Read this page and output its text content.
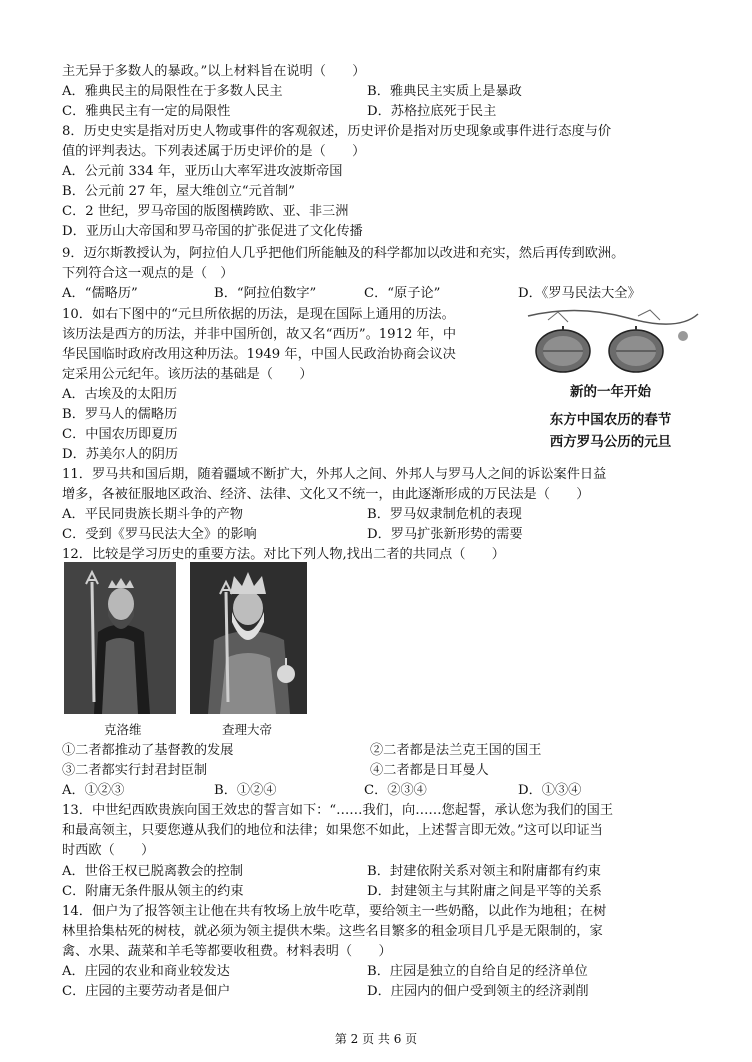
主无异于多数人的暴政。”以上材料旨在说明（　　）
A．雅典民主的局限性在于多数人民主	B．雅典民主实质上是暴政
C．雅典民主有一定的局限性	D．苏格拉底死于民主
8．历史史实是指对历史人物或事件的客观叙述，历史评价是指对历史现象或事件进行态度与价
值的评判表达。下列表述属于历史评价的是（　　）
A．公元前 334 年，亚历山大率军进攻波斯帝国
B．公元前 27 年，屋大维创立“元首制”
C．2 世纪，罗马帝国的版图横跨欧、亚、非三洲
D．亚历山大帝国和罗马帝国的扩张促进了文化传播
9．迈尔斯教授认为，阿拉伯人几乎把他们所能触及的科学都加以改进和充实，然后再传到欧洲。
下列符合这一观点的是（　）
A．“儒略历”	B．“阿拉伯数字”	C．“原子论”	D．《罗马民法大全》
10．如右下图中的“元旦所依据的历法，是现在国际上通用的历法。
该历法是西方的历法，并非中国所创，故又名“西历”。1912 年，中
华民国临时政府改用这种历法。1949 年，中国人民政治协商会议决
定采用公元纪年。该历法的基础是（　　）
A．古埃及的太阳历
B．罗马人的儒略历
C．中国农历即夏历
D．苏美尔人的阴历
新的一年开始
东方中国农历的春节
西方罗马公历的元旦
11．罗马共和国后期，随着疆域不断扩大，外邦人之间、外邦人与罗马人之间的诉讼案件日益
增多，各被征服地区政治、经济、法律、文化又不统一，由此逐渐形成的万民法是（　　）
A．平民同贵族长期斗争的产物	B．罗马奴隶制危机的表现
C．受到《罗马民法大全》的影响	D．罗马扩张新形势的需要
12．比较是学习历史的重要方法。对比下列人物,找出二者的共同点（　　）
克洛维	查理大帝
①二者都推动了基督教的发展	②二者都是法兰克王国的国王
③二者都实行封君封臣制	④二者都是日耳曼人
A．①②③	B．①②④	C．②③④	D．①③④
13．中世纪西欧贵族向国王效忠的誓言如下：“……我们，向……您起誓，承认您为我们的国王
和最高领主，只要您遵从我们的地位和法律；如果您不如此，上述誓言即无效。”这可以印证当
时西欧（　　）
A．世俗王权已脱离教会的控制	B．封建依附关系对领主和附庸都有约束
C．附庸无条件服从领主的约束	D．封建领主与其附庸之间是平等的关系
14．佃户为了报答领主让他在共有牧场上放牛吃草，要给领主一些奶酪，以此作为地租；在树
林里拾集枯死的树枝，就必须为领主提供木柴。这些名目繁多的租金项目几乎是无限制的，家
禽、水果、蔬菜和羊毛等都要收租费。材料表明（　　）
A．庄园的农业和商业较发达	B．庄园是独立的自给自足的经济单位
C．庄园的主要劳动者是佃户	D．庄园内的佃户受到领主的经济剥削
第 2 页 共 6 页
